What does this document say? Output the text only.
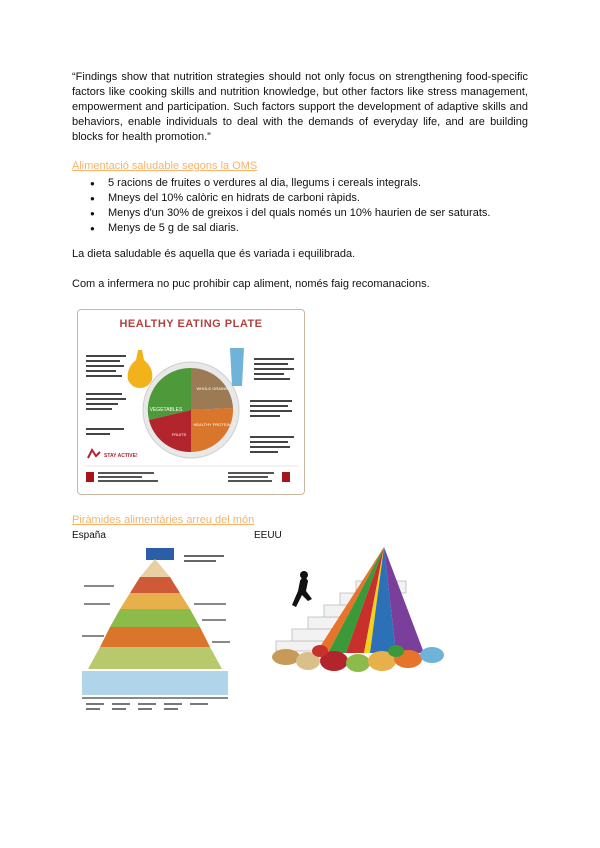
“Findings show that nutrition strategies should not only focus on strengthening food-specific factors like cooking skills and nutrition knowledge, but other factors like stress management, empowerment and participation. Such factors support the development of adaptive skills and behaviors, enable individuals to deal with the demands of everyday life, and are building blocks for health promotion.”

Alimentació saludable segons la OMS

● 5 racions de fruites o verdures al dia, llegums i cereals integrals.
● Mneys del 10% calòric en hidrats de carboni ràpids.
● Menys d'un 30% de greixos i del quals només un 10% haurien de ser saturats.
● Menys de 5 g de sal diaris.

La dieta saludable és aquella que és variada i equilibrada.

Com a infermera no puc prohibir cap aliment, només faig recomanacions.

HEALTHY EATING PLATE
VEGETABLES
WHOLE GRAINS
HEALTHY PROTEIN
FRUITS
STAY ACTIVE!

Piràmides alimentàries arreu del món

España	EEUU
